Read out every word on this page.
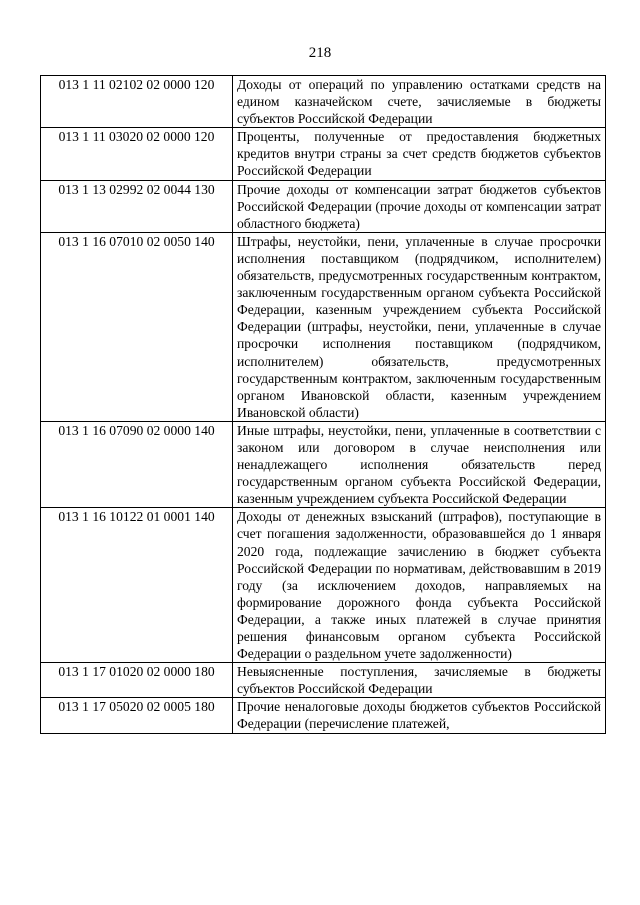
218
013 1 11 02102 02 0000 120	Доходы от операций по управлению остатками средств на едином казначейском счете, зачисляемые в бюджеты субъектов Российской Федерации
013 1 11 03020 02 0000 120	Проценты, полученные от предоставления бюджетных кредитов внутри страны за счет средств бюджетов субъектов Российской Федерации
013 1 13 02992 02 0044 130	Прочие доходы от компенсации затрат бюджетов субъектов Российской Федерации (прочие доходы от компенсации затрат областного бюджета)
013 1 16 07010 02 0050 140	Штрафы, неустойки, пени, уплаченные в случае просрочки исполнения поставщиком (подрядчиком, исполнителем) обязательств, предусмотренных государственным контрактом, заключенным государственным органом субъекта Российской Федерации, казенным учреждением субъекта Российской Федерации (штрафы, неустойки, пени, уплаченные в случае просрочки исполнения поставщиком (подрядчиком, исполнителем) обязательств, предусмотренных государственным контрактом, заключенным государственным органом Ивановской области, казенным учреждением Ивановской области)
013 1 16 07090 02 0000 140	Иные штрафы, неустойки, пени, уплаченные в соответствии с законом или договором в случае неисполнения или ненадлежащего исполнения обязательств перед государственным органом субъекта Российской Федерации, казенным учреждением субъекта Российской Федерации
013 1 16 10122 01 0001 140	Доходы от денежных взысканий (штрафов), поступающие в счет погашения задолженности, образовавшейся до 1 января 2020 года, подлежащие зачислению в бюджет субъекта Российской Федерации по нормативам, действовавшим в 2019 году (за исключением доходов, направляемых на формирование дорожного фонда субъекта Российской Федерации, а также иных платежей в случае принятия решения финансовым органом субъекта Российской Федерации о раздельном учете задолженности)
013 1 17 01020 02 0000 180	Невыясненные поступления, зачисляемые в бюджеты субъектов Российской Федерации
013 1 17 05020 02 0005 180	Прочие неналоговые доходы бюджетов субъектов Российской Федерации (перечисление платежей,
